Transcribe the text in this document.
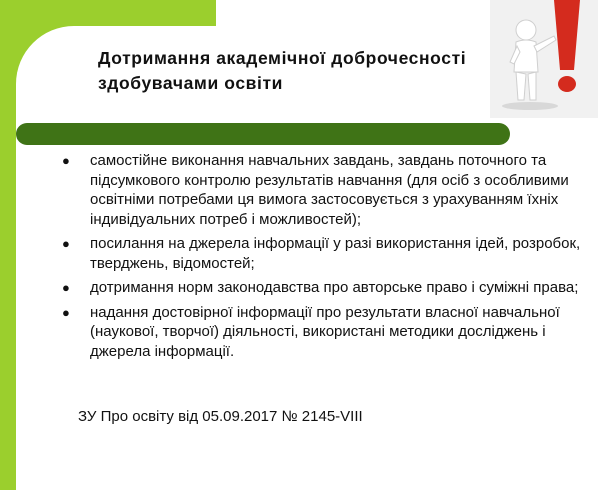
Дотримання академічної доброчесності
здобувачами освіти
● самостійне виконання навчальних завдань, завдань поточного та підсумкового контролю результатів навчання (для осіб з особливими освітніми потребами ця вимога застосовується з урахуванням їхніх індивідуальних потреб і можливостей);
● посилання на джерела інформації у разі використання ідей, розробок, тверджень, відомостей;
● дотримання норм законодавства про авторське право і суміжні права;
● надання достовірної інформації про результати власної навчальної (наукової, творчої) діяльності, використані методики досліджень і джерела інформації.
ЗУ Про освіту від 05.09.2017 № 2145-VIII
